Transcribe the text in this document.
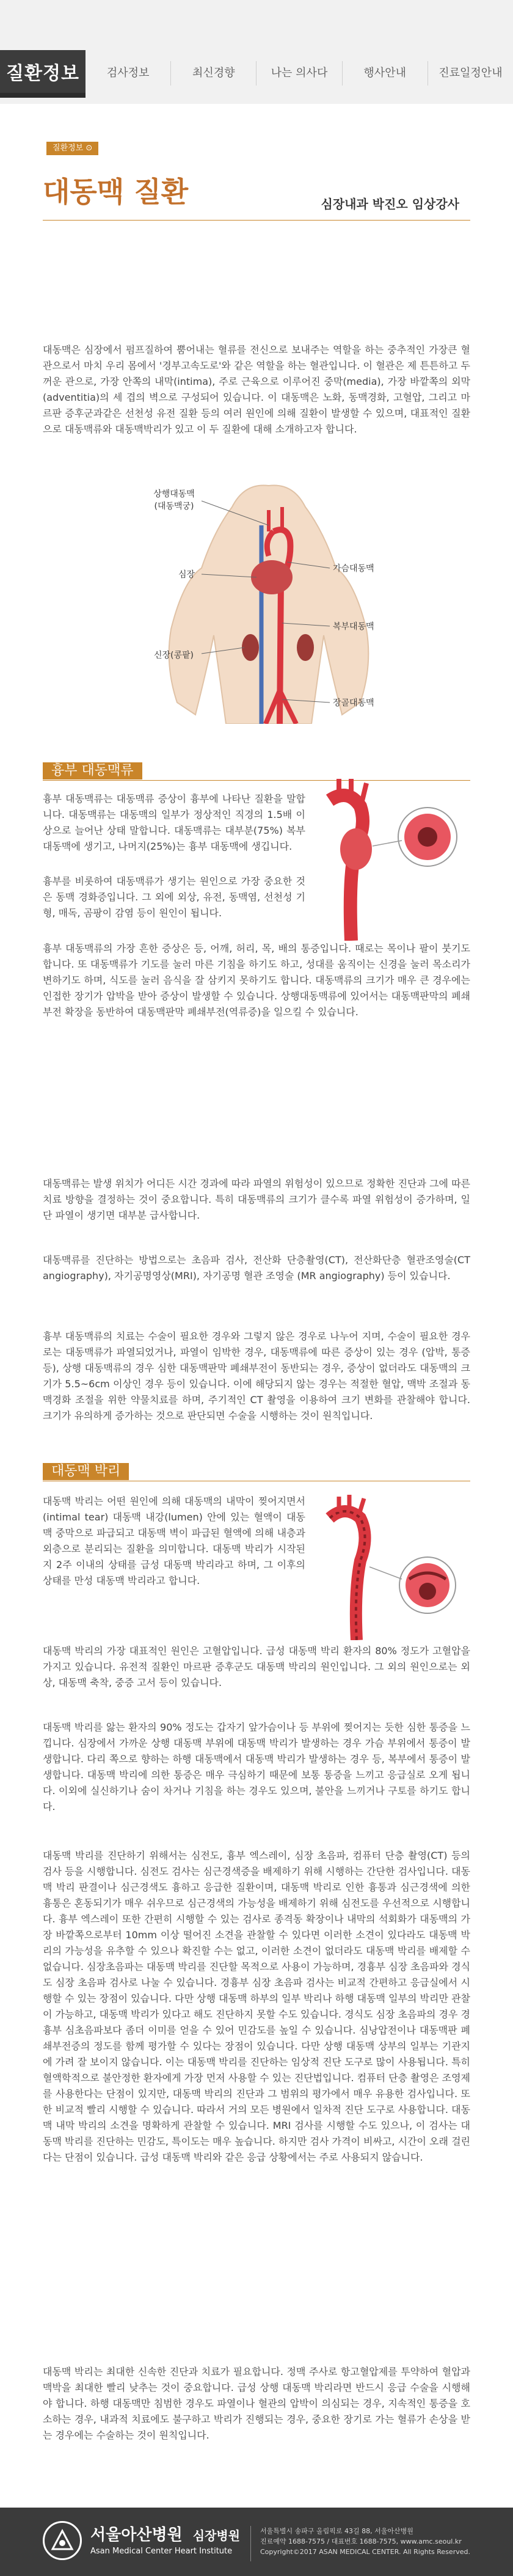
질환정보	검사정보	최신경향	나는 의사다	행사안내	진료일정안내
질환정보 ⊙
대동맥 질환	심장내과 박진오 임상강사
대동맥은 심장에서 펌프질하여 뿜어내는 혈류를 전신으로 보내주는 역할을 하는 중추적인 가장큰 혈관으로서 마치 우리 몸에서 '경부고속도로'와 같은 역할을 하는 혈관입니다. 이 혈관은 제 튼튼하고 두꺼운 관으로, 가장 안쪽의 내막(intima), 주로 근육으로 이루어진 중막(media), 가장 바깥쪽의 외막(adventitia)의 세 겹의 벽으로 구성되어 있습니다. 이 대동맥은 노화, 동맥경화, 고혈압, 그리고 마르판 증후군과같은 선천성 유전 질환 등의 여러 원인에 의해 질환이 발생할 수 있으며, 대표적인 질환으로 대동맥류와 대동맥박리가 있고 이 두 질환에 대해 소개하고자 합니다.
상행대동맥
(대동맥궁)
심장
신장(콩팥)
가슴대동맥
복부대동맥
장골대동맥
흉부 대동맥류
흉부 대동맥류는 대동맥류 증상이 흉부에 나타난 질환을 말합니다. 대동맥류는 대동맥의 일부가 정상적인 직경의 1.5배 이상으로 늘어난 상태 말합니다. 대동맥류는 대부분(75%) 복부 대동맥에 생기고, 나머지(25%)는 흉부 대동맥에 생깁니다.
흉부를 비롯하여 대동맥류가 생기는 원인으로 가장 중요한 것은 동맥 경화증입니다. 그 외에 외상, 유전, 동맥염, 선천성 기형, 매독, 곰팡이 감염 등이 원인이 됩니다.
흉부 대동맥류의 가장 흔한 증상은 등, 어깨, 허리, 목, 배의 통증입니다. 때로는 목이나 팔이 붓기도 합니다. 또 대동맥류가 기도를 눌러 마른 기침을 하기도 하고, 성대를 움직이는 신경을 눌러 목소리가 변하기도 하며, 식도를 눌러 음식을 잘 삼키지 못하기도 합니다. 대동맥류의 크기가 매우 큰 경우에는 인접한 장기가 압박을 받아 증상이 발생할 수 있습니다. 상행대동맥류에 있어서는 대동맥판막의 폐쇄부전 확장을 동반하여 대동맥판막 폐쇄부전(역류증)을 일으킬 수 있습니다.
대동맥류는 발생 위치가 어디든 시간 경과에 따라 파열의 위험성이 있으므로 정확한 진단과 그에 따른 치료 방향을 결정하는 것이 중요합니다. 특히 대동맥류의 크기가 클수록 파열 위험성이 증가하며, 일단 파열이 생기면 대부분 급사합니다.
대동맥류를 진단하는 방법으로는 초음파 검사, 전산화 단층촬영(CT), 전산화단층 혈관조영술(CT angiography), 자기공명영상(MRI), 자기공명 혈관 조영술 (MR angiography) 등이 있습니다.
흉부 대동맥류의 치료는 수술이 필요한 경우와 그렇지 않은 경우로 나누어 지며, 수술이 필요한 경우로는 대동맥류가 파열되었거나, 파열이 임박한 경우, 대동맥류에 따른 증상이 있는 경우 (압박, 통증 등), 상행 대동맥류의 경우 심한 대동맥판막 폐쇄부전이 동반되는 경우, 증상이 없더라도 대동맥의 크기가 5.5~6cm 이상인 경우 등이 있습니다. 이에 해당되지 않는 경우는 적절한 혈압, 맥박 조절과 동맥경화 조절을 위한 약물치료를 하며, 주기적인 CT 촬영을 이용하여 크기 변화를 관찰해야 합니다. 크기가 유의하게 증가하는 것으로 판단되면 수술을 시행하는 것이 원칙입니다.
대동맥 박리
대동맥 박리는 어떤 원인에 의해 대동맥의 내막이 찢어지면서(intimal tear) 대동맥 내강(lumen) 안에 있는 혈액이 대동맥 중막으로 파급되고 대동맥 벽이 파급된 혈액에 의해 내층과 외층으로 분리되는 질환을 의미합니다. 대동맥 박리가 시작된 지 2주 이내의 상태를 급성 대동맥 박리라고 하며, 그 이후의 상태를 만성 대동맥 박리라고 합니다.
대동맥 박리의 가장 대표적인 원인은 고혈압입니다. 급성 대동맥 박리 환자의 80% 정도가 고혈압을 가지고 있습니다. 유전적 질환인 마르판 증후군도 대동맥 박리의 원인입니다. 그 외의 원인으로는 외상, 대동맥 축착, 중증 고서 등이 있습니다.
대동맥 박리를 앓는 환자의 90% 정도는 갑자기 앞가슴이나 등 부위에 찢어지는 듯한 심한 통증을 느낍니다. 심장에서 가까운 상행 대동맥 부위에 대동맥 박리가 발생하는 경우 가슴 부위에서 통증이 발생합니다. 다리 쪽으로 향하는 하행 대동맥에서 대동맥 박리가 발생하는 경우 등, 복부에서 통증이 발생합니다. 대동맥 박리에 의한 통증은 매우 극심하기 때문에 보통 통증을 느끼고 응급실로 오게 됩니다. 이외에 실신하기나 숨이 차거나 기침을 하는 경우도 있으며, 불안을 느끼거나 구토를 하기도 합니다.
대동맥 박리를 진단하기 위해서는 심전도, 흉부 엑스레이, 심장 초음파, 컴퓨터 단층 촬영(CT) 등의 검사 등을 시행합니다. 심전도 검사는 심근경색증을 배제하기 위해 시행하는 간단한 검사입니다. 대동맥 박리 판결이나 심근경색도 흉하고 응급한 질환이며, 대동맥 박리로 인한 흉통과 심근경색에 의한 흉통은 혼동되기가 매우 쉬우므로 심근경색의 가능성을 배제하기 위해 심전도를 우선적으로 시행합니다. 흉부 엑스레이 또한 간편히 시행할 수 있는 검사로 종격동 확장이나 내막의 석회화가 대동맥의 가장 바깥쪽으로부터 10mm 이상 떨어진 소견을 관찰할 수 있다면 이러한 소견이 있다라도 대동맥 박리의 가능성을 유추할 수 있으나 확진할 수는 없고, 이러한 소견이 없더라도 대동맥 박리를 배제할 수 없습니다. 심장초음파는 대동맥 박리를 진단할 목적으로 사용이 가능하며, 경흉부 심장 초음파와 경식도 심장 초음파 검사로 나눌 수 있습니다. 경흉부 심장 초음파 검사는 비교적 간편하고 응급실에서 시행할 수 있는 장점이 있습니다. 다만 상행 대동맥 하부의 일부 박리나 하행 대동맥 일부의 박리만 관찰이 가능하고, 대동맥 박리가 있다고 해도 진단하지 못할 수도 있습니다. 경식도 심장 초음파의 경우 경흉부 심초음파보다 좀더 이미를 얻을 수 있어 민감도를 높일 수 있습니다. 심낭압전이나 대동맥판 폐쇄부전증의 정도를 함께 평가할 수 있다는 장점이 있습니다. 다만 상행 대동맥 상부의 일부는 기관지에 가려 잘 보이지 않습니다. 이는 대동맥 박리를 진단하는 임상적 진단 도구로 많이 사용됩니다. 특히 혈액학적으로 불안정한 환자에게 가장 먼저 사용할 수 있는 진단법입니다. 컴퓨터 단층 촬영은 조영제를 사용한다는 단점이 있지만, 대동맥 박리의 진단과 그 범위의 평가에서 매우 유용한 검사입니다. 또한 비교적 빨리 시행할 수 있습니다. 따라서 거의 모든 병원에서 일차적 진단 도구로 사용합니다. 대동맥 내막 박리의 소견을 명확하게 관찰할 수 있습니다. MRI 검사를 시행할 수도 있으나, 이 검사는 대동맥 박리를 진단하는 민감도, 특이도는 매우 높습니다. 하지만 검사 가격이 비싸고, 시간이 오래 걸린다는 단점이 있습니다. 급성 대동맥 박리와 같은 응급 상황에서는 주로 사용되지 않습니다.
대동맥 박리는 최대한 신속한 진단과 치료가 필요합니다. 정맥 주사로 항고혈압제를 투약하여 혈압과 맥박을 최대한 빨리 낮추는 것이 중요합니다. 급성 상행 대동맥 박리라면 반드시 응급 수술을 시행해야 합니다. 하행 대동맥만 침범한 경우도 파열이나 혈관의 압박이 의심되는 경우, 지속적인 통증을 호소하는 경우, 내과적 치료에도 불구하고 박리가 진행되는 경우, 중요한 장기로 가는 혈류가 손상을 받는 경우에는 수술하는 것이 원칙입니다.
서울아산병원 심장병원
Asan Medical Center Heart Institute
서울특별시 송파구 올림픽로 43길 88, 서울아산병원
진료예약 1688-7575 / 대표번호 1688-7575, www.amc.seoul.kr
Copyright©2017 ASAN MEDICAL CENTER. All Rights Reserved.
